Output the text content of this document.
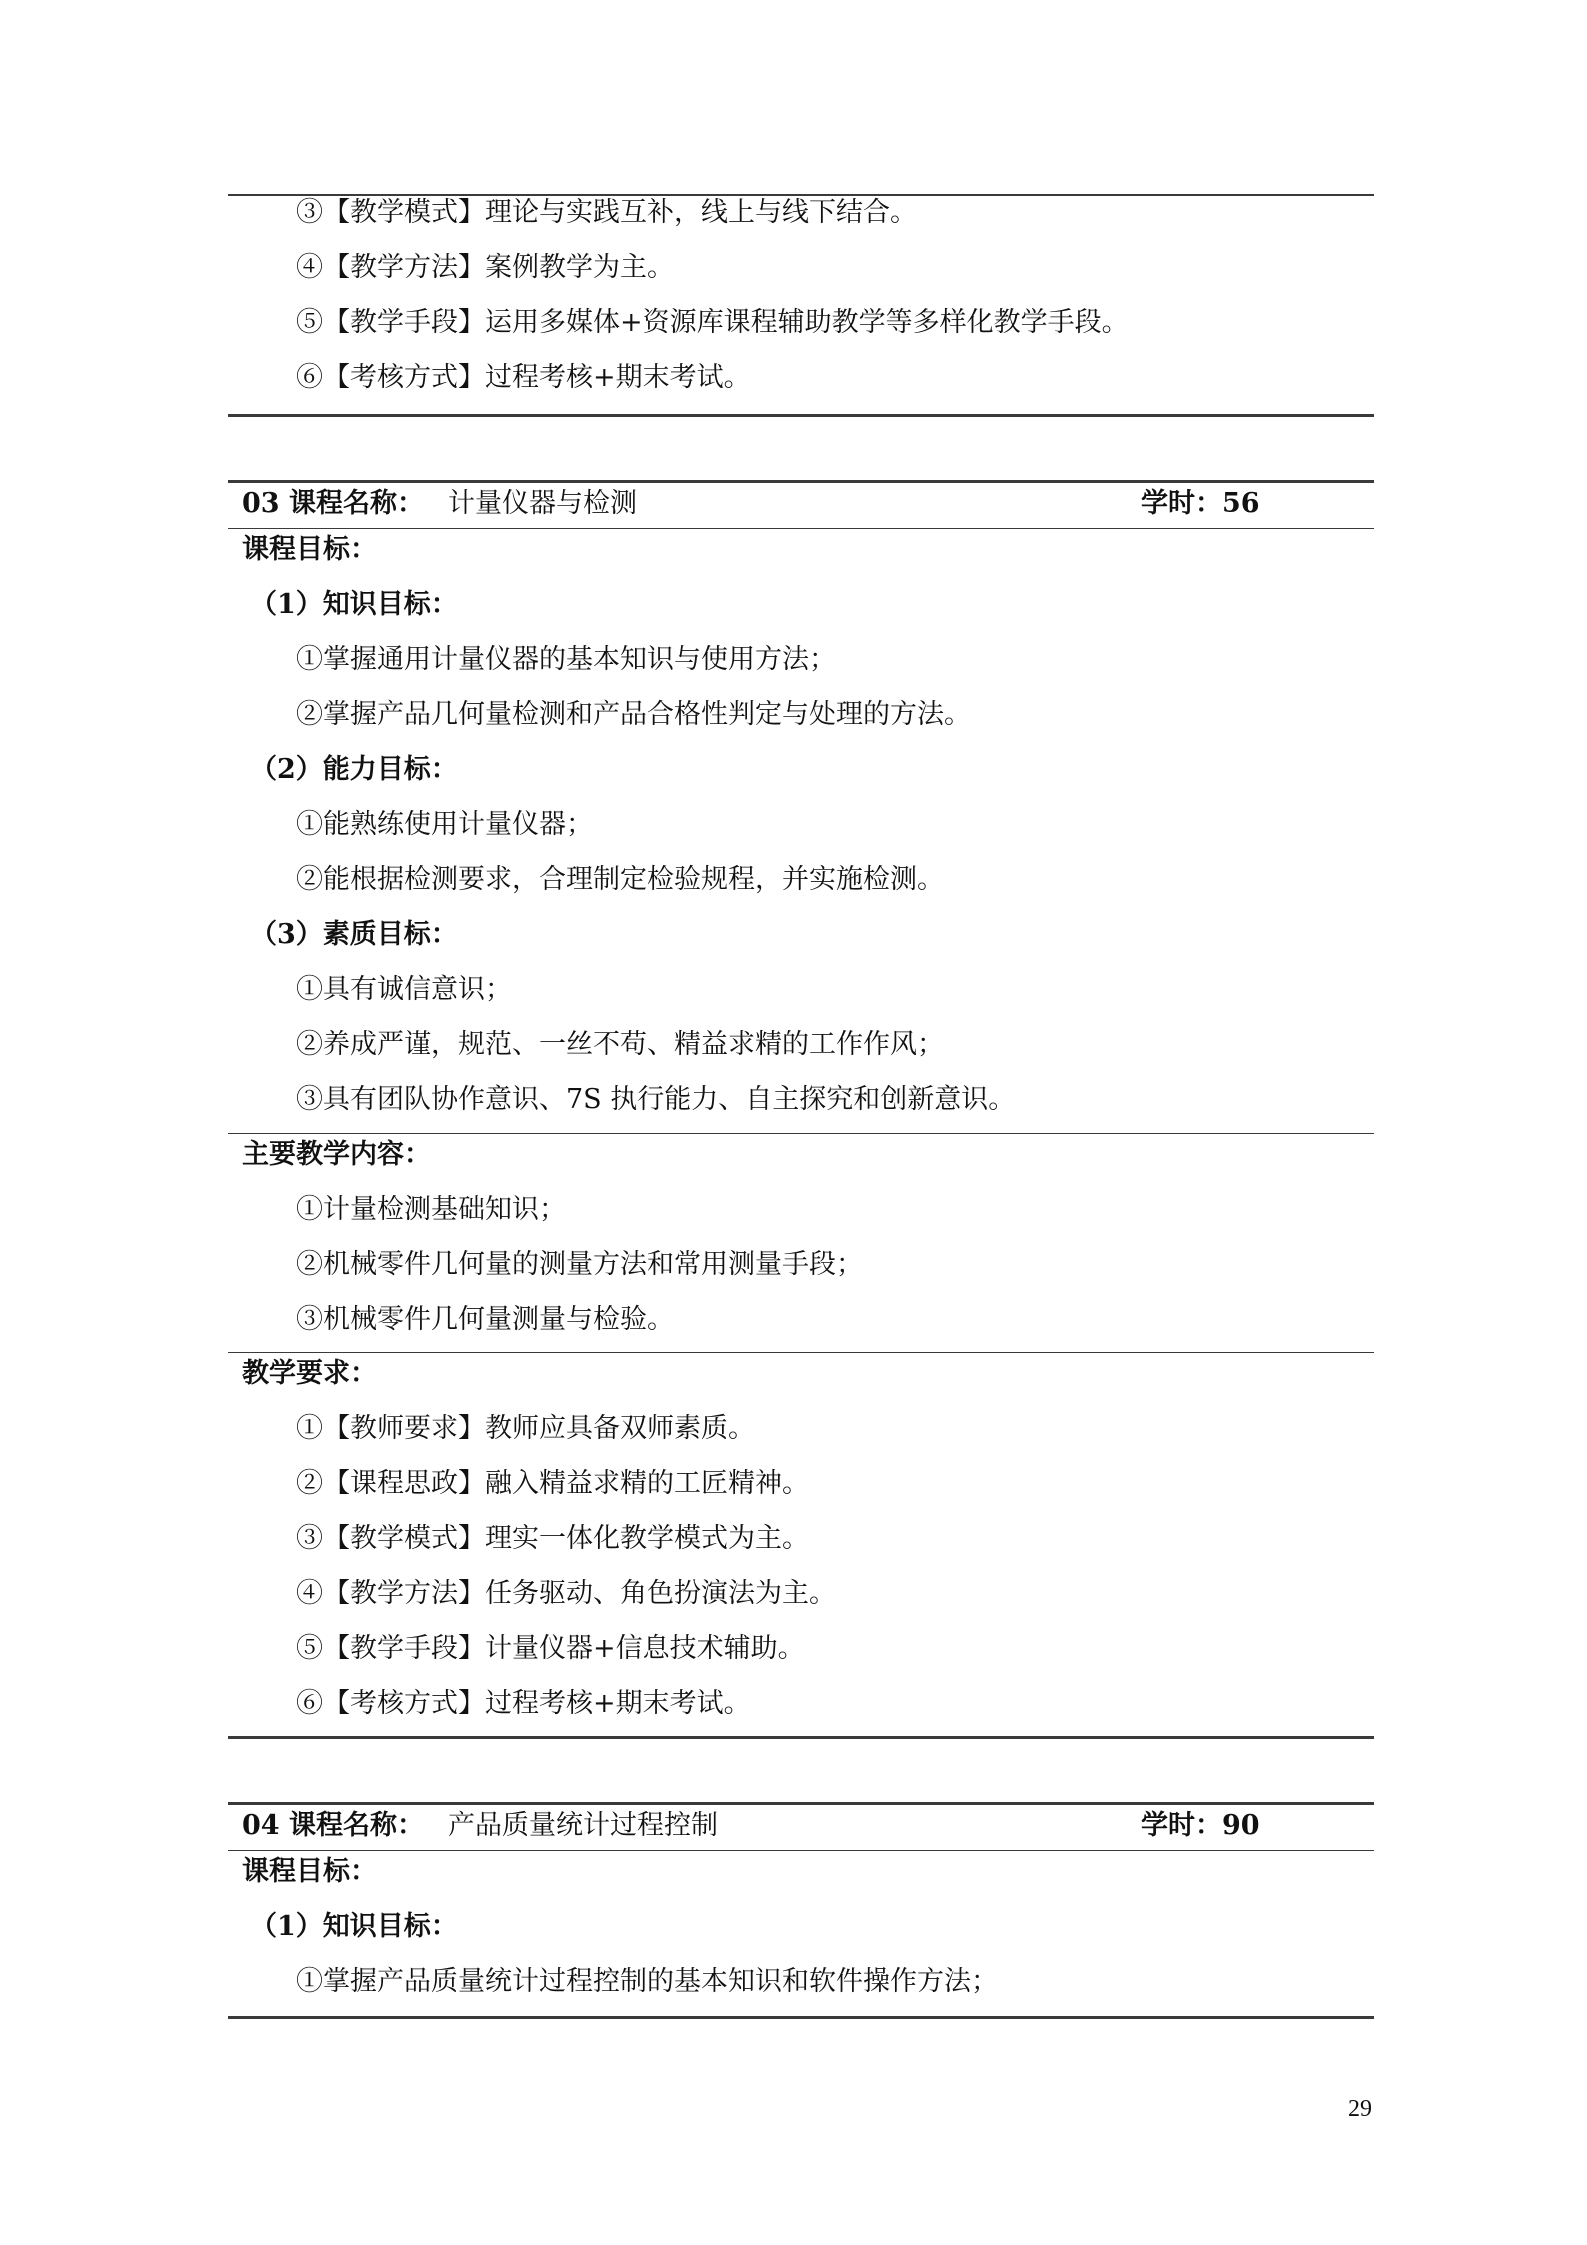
③【教学模式】理论与实践互补，线上与线下结合。
④【教学方法】案例教学为主。
⑤【教学手段】运用多媒体+资源库课程辅助教学等多样化教学手段。
⑥【考核方式】过程考核+期末考试。
03 课程名称： 计量仪器与检测	学时：56
课程目标：
（1）知识目标：
①掌握通用计量仪器的基本知识与使用方法；
②掌握产品几何量检测和产品合格性判定与处理的方法。
（2）能力目标：
①能熟练使用计量仪器；
②能根据检测要求，合理制定检验规程，并实施检测。
（3）素质目标：
①具有诚信意识；
②养成严谨，规范、一丝不苟、精益求精的工作作风；
③具有团队协作意识、7S 执行能力、自主探究和创新意识。
主要教学内容：
①计量检测基础知识；
②机械零件几何量的测量方法和常用测量手段；
③机械零件几何量测量与检验。
教学要求：
①【教师要求】教师应具备双师素质。
②【课程思政】融入精益求精的工匠精神。
③【教学模式】理实一体化教学模式为主。
④【教学方法】任务驱动、角色扮演法为主。
⑤【教学手段】计量仪器+信息技术辅助。
⑥【考核方式】过程考核+期末考试。
04 课程名称： 产品质量统计过程控制	学时：90
课程目标：
（1）知识目标：
①掌握产品质量统计过程控制的基本知识和软件操作方法；
29
